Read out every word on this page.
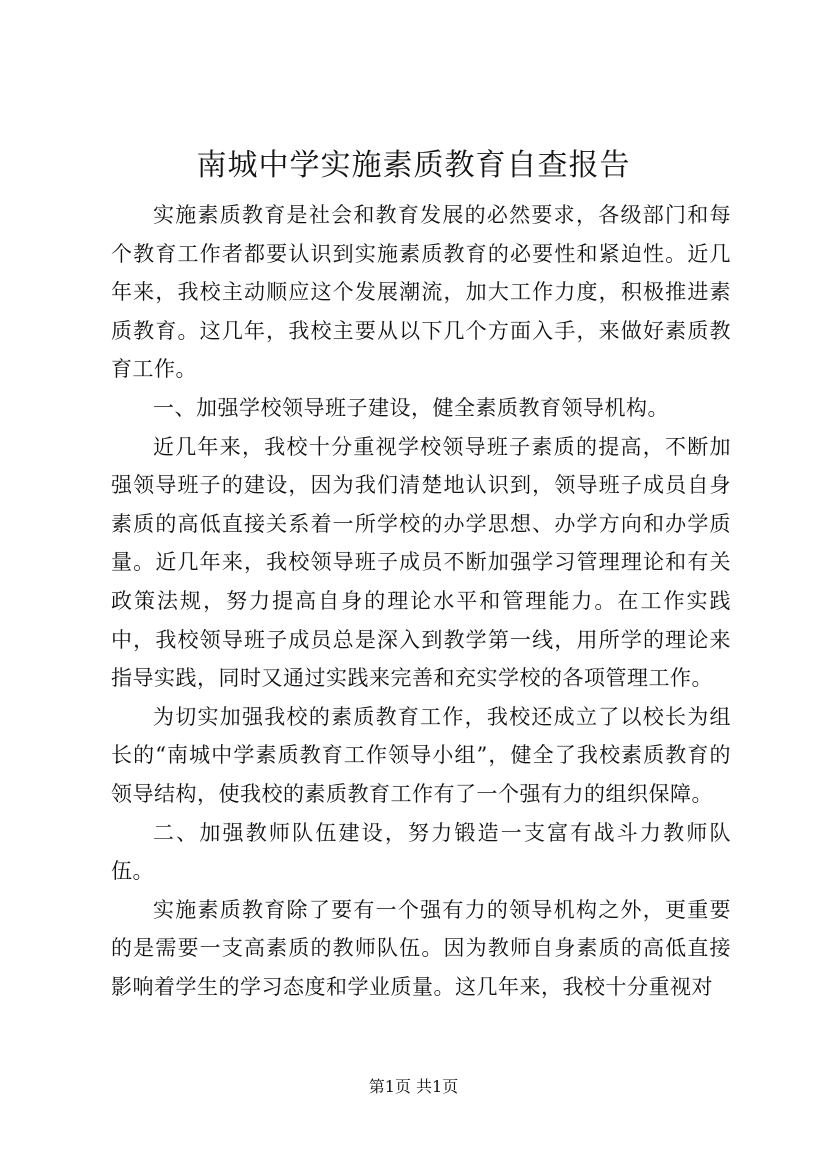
南城中学实施素质教育自查报告

实施素质教育是社会和教育发展的必然要求，各级部门和每个教育工作者都要认识到实施素质教育的必要性和紧迫性。近几年来，我校主动顺应这个发展潮流，加大工作力度，积极推进素质教育。这几年，我校主要从以下几个方面入手，来做好素质教育工作。

一、加强学校领导班子建设，健全素质教育领导机构。

近几年来，我校十分重视学校领导班子素质的提高，不断加强领导班子的建设，因为我们清楚地认识到，领导班子成员自身素质的高低直接关系着一所学校的办学思想、办学方向和办学质量。近几年来，我校领导班子成员不断加强学习管理理论和有关政策法规，努力提高自身的理论水平和管理能力。在工作实践中，我校领导班子成员总是深入到教学第一线，用所学的理论来指导实践，同时又通过实践来完善和充实学校的各项管理工作。

为切实加强我校的素质教育工作，我校还成立了以校长为组长的“南城中学素质教育工作领导小组”，健全了我校素质教育的领导结构，使我校的素质教育工作有了一个强有力的组织保障。

二、加强教师队伍建设，努力锻造一支富有战斗力教师队伍。

实施素质教育除了要有一个强有力的领导机构之外，更重要的是需要一支高素质的教师队伍。因为教师自身素质的高低直接影响着学生的学习态度和学业质量。这几年来，我校十分重视对

第1页 共1页
